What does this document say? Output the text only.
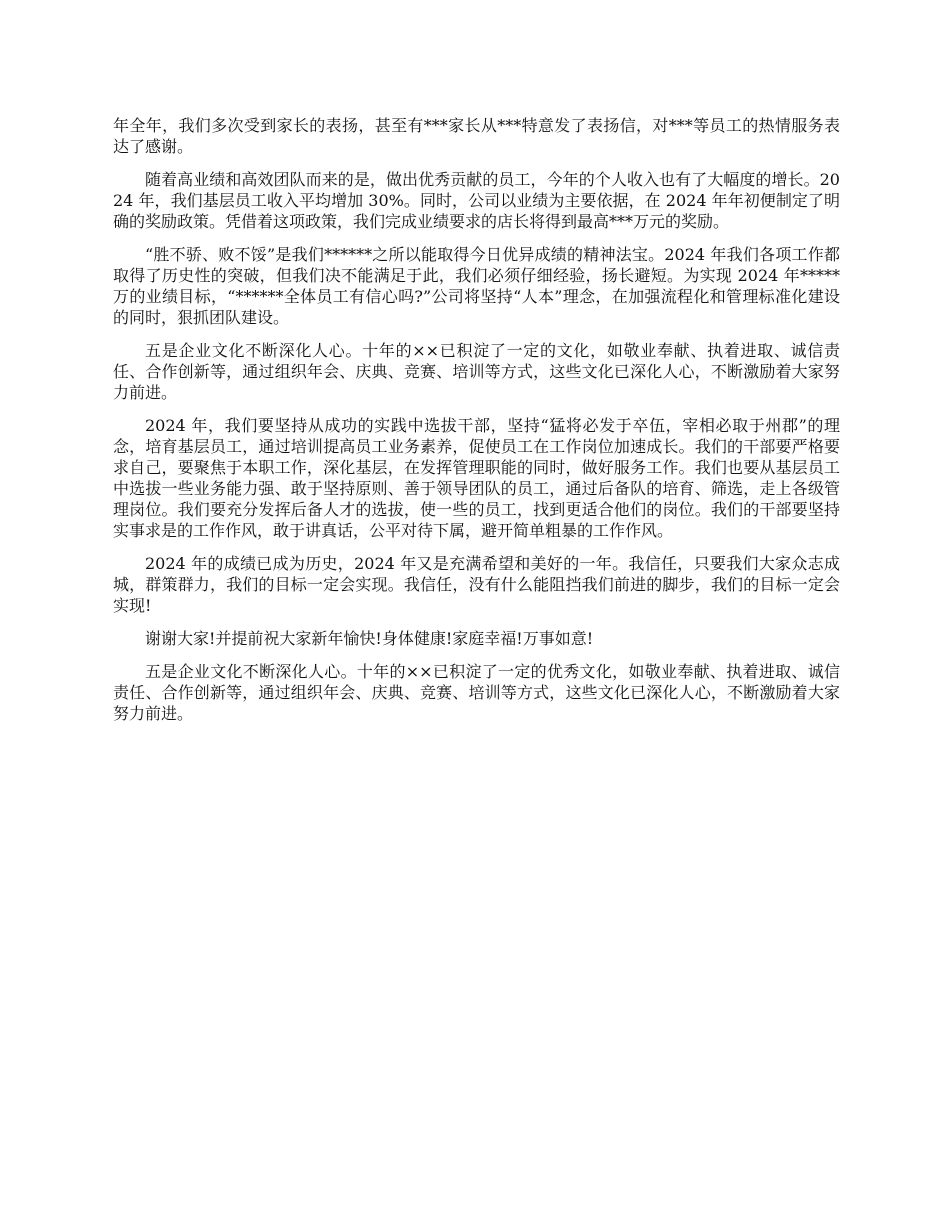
年全年，我们多次受到家长的表扬，甚至有***家长从***特意发了表扬信，对***等员工的热情服务表达了感谢。

随着高业绩和高效团队而来的是，做出优秀贡献的员工，今年的个人收入也有了大幅度的增长。2024 年，我们基层员工收入平均增加 30%。同时，公司以业绩为主要依据，在 2024 年年初便制定了明确的奖励政策。凭借着这项政策，我们完成业绩要求的店长将得到最高***万元的奖励。

“胜不骄、败不馁”是我们******之所以能取得今日优异成绩的精神法宝。2024 年我们各项工作都取得了历史性的突破，但我们决不能满足于此，我们必须仔细经验，扬长避短。为实现 2024 年*****万的业绩目标，“******全体员工有信心吗?”公司将坚持“人本”理念，在加强流程化和管理标准化建设的同时，狠抓团队建设。

五是企业文化不断深化人心。十年的××已积淀了一定的文化，如敬业奉献、执着进取、诚信责任、合作创新等，通过组织年会、庆典、竞赛、培训等方式，这些文化已深化人心，不断激励着大家努力前进。

2024 年，我们要坚持从成功的实践中选拔干部，坚持“猛将必发于卒伍，宰相必取于州郡”的理念，培育基层员工，通过培训提高员工业务素养，促使员工在工作岗位加速成长。我们的干部要严格要求自己，要聚焦于本职工作，深化基层，在发挥管理职能的同时，做好服务工作。我们也要从基层员工中选拔一些业务能力强、敢于坚持原则、善于领导团队的员工，通过后备队的培育、筛选，走上各级管理岗位。我们要充分发挥后备人才的选拔，使一些的员工，找到更适合他们的岗位。我们的干部要坚持实事求是的工作作风，敢于讲真话，公平对待下属，避开简单粗暴的工作作风。

2024 年的成绩已成为历史，2024 年又是充满希望和美好的一年。我信任，只要我们大家众志成城，群策群力，我们的目标一定会实现。我信任，没有什么能阻挡我们前进的脚步，我们的目标一定会实现!

谢谢大家!并提前祝大家新年愉快!身体健康!家庭幸福!万事如意!

五是企业文化不断深化人心。十年的××已积淀了一定的优秀文化，如敬业奉献、执着进取、诚信责任、合作创新等，通过组织年会、庆典、竞赛、培训等方式，这些文化已深化人心，不断激励着大家努力前进。
